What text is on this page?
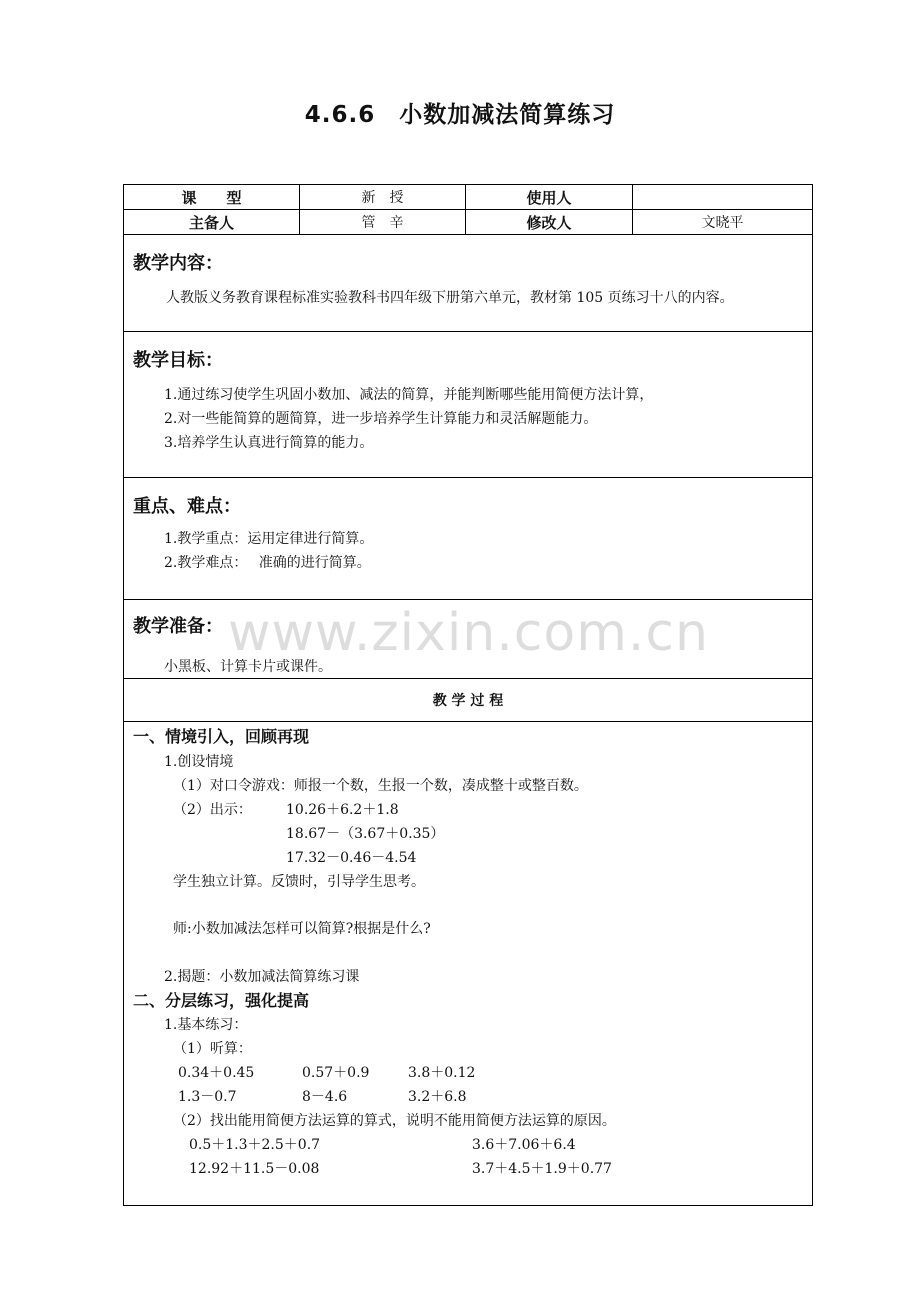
4.6.6　小数加减法简算练习
课　　型	新　授	使用人
主备人	管　辛	修改人	文晓平
教学内容：
人教版义务教育课程标准实验教科书四年级下册第六单元，教材第 105 页练习十八的内容。
教学目标：
1.通过练习使学生巩固小数加、减法的简算，并能判断哪些能用简便方法计算，
2.对一些能简算的题简算，进一步培养学生计算能力和灵活解题能力。
3.培养学生认真进行简算的能力。
重点、难点：
1.教学重点：运用定律进行简算。
2.教学难点：　 准确的进行简算。
教学准备：
小黑板、计算卡片或课件。
教 学 过 程
一、情境引入，回顾再现
1.创设情境
（1）对口令游戏：师报一个数，生报一个数，凑成整十或整百数。
（2）出示： 10.26＋6.2＋1.8
18.67－（3.67＋0.35）
17.32－0.46－4.54
学生独立计算。反馈时，引导学生思考。
师:小数加减法怎样可以简算?根据是什么?
2.揭题：小数加减法简算练习课
二、分层练习，强化提高
1.基本练习：
（1）听算：
0.34＋0.45	0.57＋0.9	3.8＋0.12
1.3－0.7	8－4.6	3.2＋6.8
（2）找出能用简便方法运算的算式，说明不能用简便方法运算的原因。
0.5＋1.3＋2.5＋0.7	3.6＋7.06＋6.4
12.92＋11.5－0.08	3.7＋4.5＋1.9＋0.77
www.zixin.com.cn
